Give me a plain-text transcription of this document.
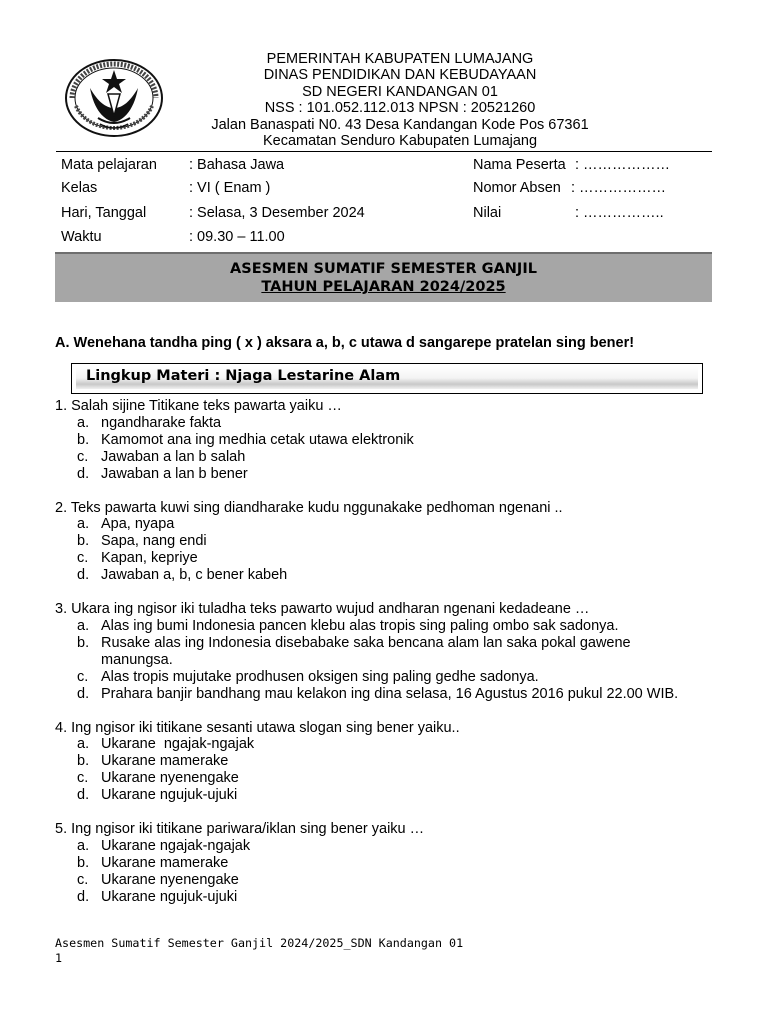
PEMERINTAH KABUPATEN LUMAJANG
DINAS PENDIDIKAN DAN KEBUDAYAAN
SD NEGERI KANDANGAN 01
NSS : 101.052.112.013 NPSN : 20521260
Jalan Banaspati N0. 43 Desa Kandangan Kode Pos 67361
Kecamatan Senduro Kabupaten Lumajang
Mata pelajaran
Kelas
Hari, Tanggal
Waktu
: Bahasa Jawa
: VI ( Enam )
: Selasa, 3 Desember 2024
: 09.30 – 11.00
Nama Peserta
Nomor Absen
Nilai
: ………………
: ………………
: ……………..
ASESMEN SUMATIF SEMESTER GANJIL
TAHUN PELAJARAN 2024/2025
A. Wenehana tandha ping ( x ) aksara a, b, c utawa d sangarepe pratelan sing bener!
Lingkup Materi : Njaga Lestarine Alam
1. Salah sijine Titikane teks pawarta yaiku …
a. ngandharake fakta
b. Kamomot ana ing medhia cetak utawa elektronik
c. Jawaban a lan b salah
d. Jawaban a lan b bener
2. Teks pawarta kuwi sing diandharake kudu nggunakake pedhoman ngenani ..
a. Apa, nyapa
b. Sapa, nang endi
c. Kapan, kepriye
d. Jawaban a, b, c bener kabeh
3. Ukara ing ngisor iki tuladha teks pawarto wujud andharan ngenani kedadeane …
a. Alas ing bumi Indonesia pancen klebu alas tropis sing paling ombo sak sadonya.
b. Rusake alas ing Indonesia disebabake saka bencana alam lan saka pokal gawene manungsa.
c. Alas tropis mujutake prodhusen oksigen sing paling gedhe sadonya.
d. Prahara banjir bandhang mau kelakon ing dina selasa, 16 Agustus 2016 pukul 22.00 WIB.
4. Ing ngisor iki titikane sesanti utawa slogan sing bener yaiku..
a. Ukarane  ngajak-ngajak
b. Ukarane mamerake
c. Ukarane nyenengake
d. Ukarane ngujuk-ujuki
5. Ing ngisor iki titikane pariwara/iklan sing bener yaiku …
a. Ukarane ngajak-ngajak
b. Ukarane mamerake
c. Ukarane nyenengake
d. Ukarane ngujuk-ujuki
Asesmen Sumatif Semester Ganjil 2024/2025_SDN Kandangan 01
1
